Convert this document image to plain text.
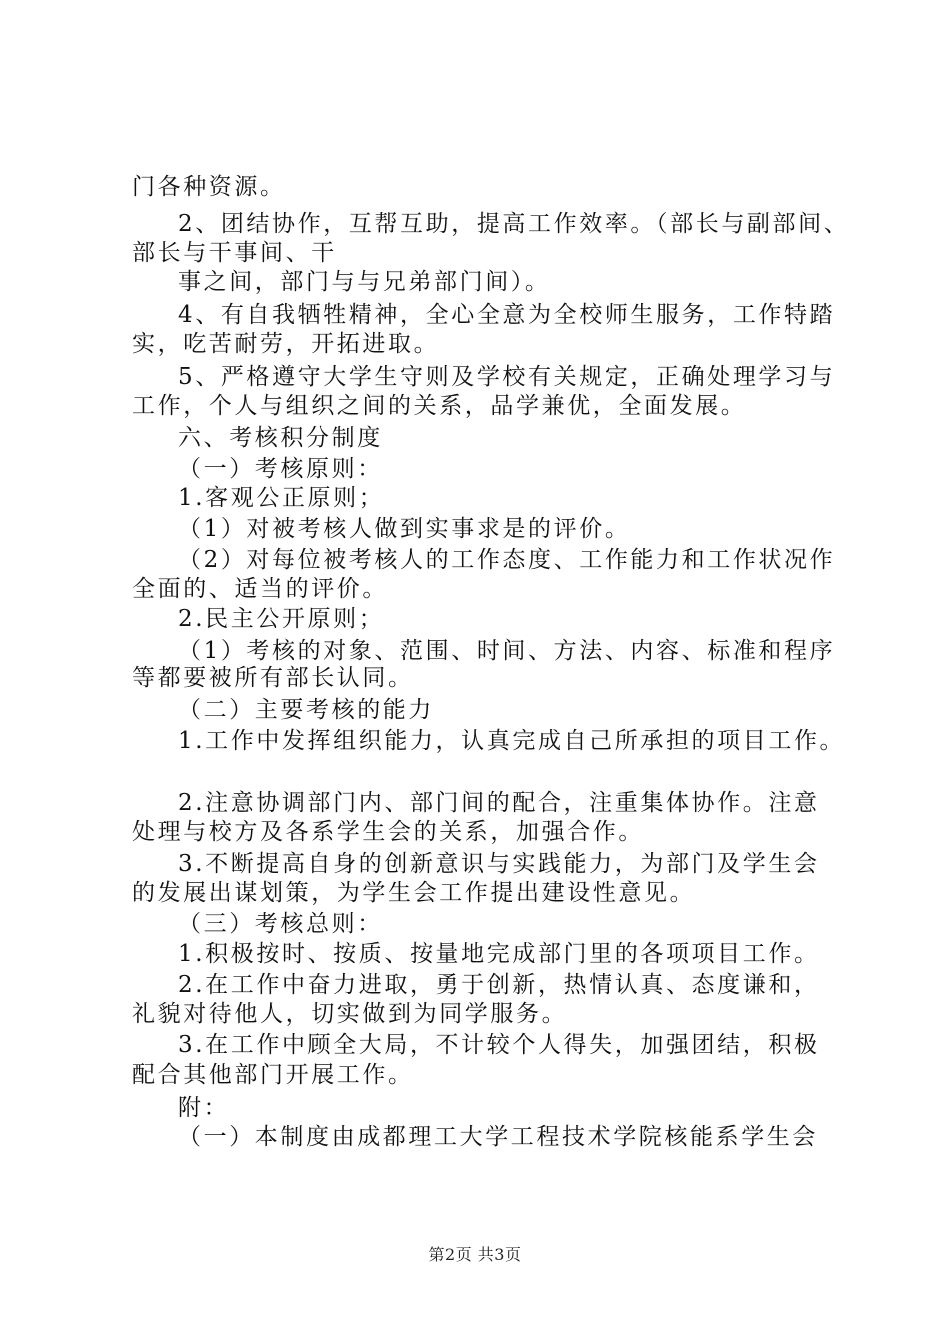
门各种资源。
2、团结协作，互帮互助，提高工作效率。（部长与副部间、
部长与干事间、干
事之间，部门与与兄弟部门间）。
4、有自我牺牲精神，全心全意为全校师生服务，工作特踏
实，吃苦耐劳，开拓进取。
5、严格遵守大学生守则及学校有关规定，正确处理学习与
工作，个人与组织之间的关系，品学兼优，全面发展。
六、考核积分制度
（一）考核原则：
1.客观公正原则；
（1）对被考核人做到实事求是的评价。
（2）对每位被考核人的工作态度、工作能力和工作状况作
全面的、适当的评价。
2.民主公开原则；
（1）考核的对象、范围、时间、方法、内容、标准和程序
等都要被所有部长认同。
（二）主要考核的能力
1.工作中发挥组织能力，认真完成自己所承担的项目工作。
2.注意协调部门内、部门间的配合，注重集体协作。注意
处理与校方及各系学生会的关系，加强合作。
3.不断提高自身的创新意识与实践能力，为部门及学生会
的发展出谋划策，为学生会工作提出建设性意见。
（三）考核总则：
1.积极按时、按质、按量地完成部门里的各项项目工作。
2.在工作中奋力进取，勇于创新，热情认真、态度谦和，
礼貌对待他人，切实做到为同学服务。
3.在工作中顾全大局，不计较个人得失，加强团结，积极
配合其他部门开展工作。
附：
（一）本制度由成都理工大学工程技术学院核能系学生会
第2页 共3页
